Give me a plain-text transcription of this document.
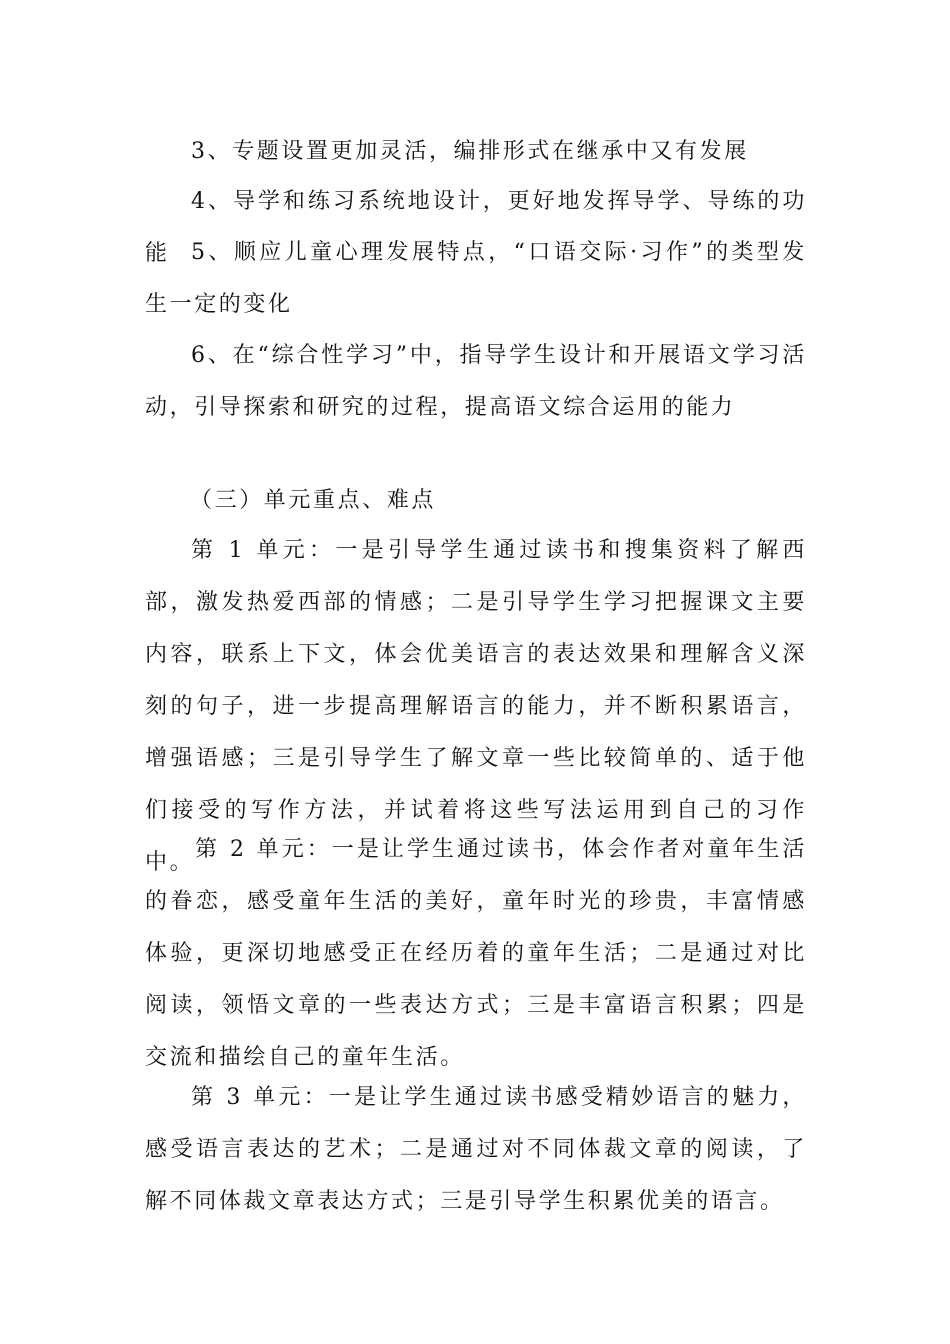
3、专题设置更加灵活，编排形式在继承中又有发展

4、导学和练习系统地设计，更好地发挥导学、导练的功能 5、顺应儿童心理发展特点，“口语交际·习作”的类型发生一定的变化

6、在“综合性学习”中，指导学生设计和开展语文学习活动，引导探索和研究的过程，提高语文综合运用的能力

（三）单元重点、难点

第 1 单元：一是引导学生通过读书和搜集资料了解西部，激发热爱西部的情感；二是引导学生学习把握课文主要内容，联系上下文，体会优美语言的表达效果和理解含义深刻的句子，进一步提高理解语言的能力，并不断积累语言，增强语感；三是引导学生了解文章一些比较简单的、适于他们接受的写作方法，并试着将这些写法运用到自己的习作中。

第 2 单元：一是让学生通过读书，体会作者对童年生活的眷恋，感受童年生活的美好，童年时光的珍贵，丰富情感体验，更深切地感受正在经历着的童年生活；二是通过对比阅读，领悟文章的一些表达方式；三是丰富语言积累；四是交流和描绘自己的童年生活。

第 3 单元：一是让学生通过读书感受精妙语言的魅力，感受语言表达的艺术；二是通过对不同体裁文章的阅读，了解不同体裁文章表达方式；三是引导学生积累优美的语言。
